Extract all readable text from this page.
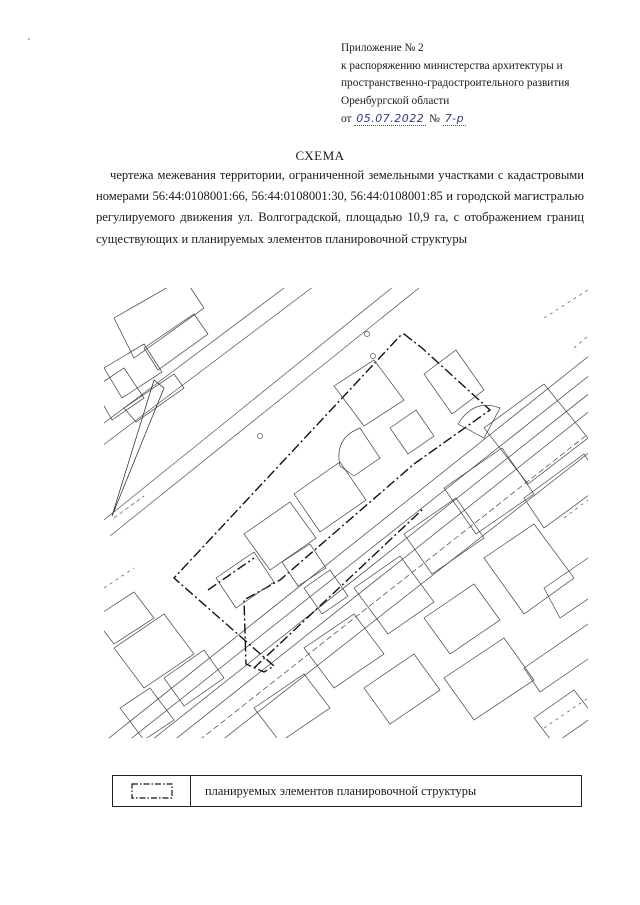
Приложение № 2
к распоряжению министерства архитектуры и
пространственно-градостроительного развития
Оренбургской области
от 05.07.2022 № 7-р
СХЕМА
чертежа межевания территории, ограниченной земельными участками с кадастровыми номерами 56:44:0108001:66, 56:44:0108001:30, 56:44:0108001:85 и городской магистралью регулируемого движения ул. Волгоградской, площадью 10,9 га, с отображением границ существующих и планируемых элементов планировочной структуры
планируемых элементов планировочной структуры
